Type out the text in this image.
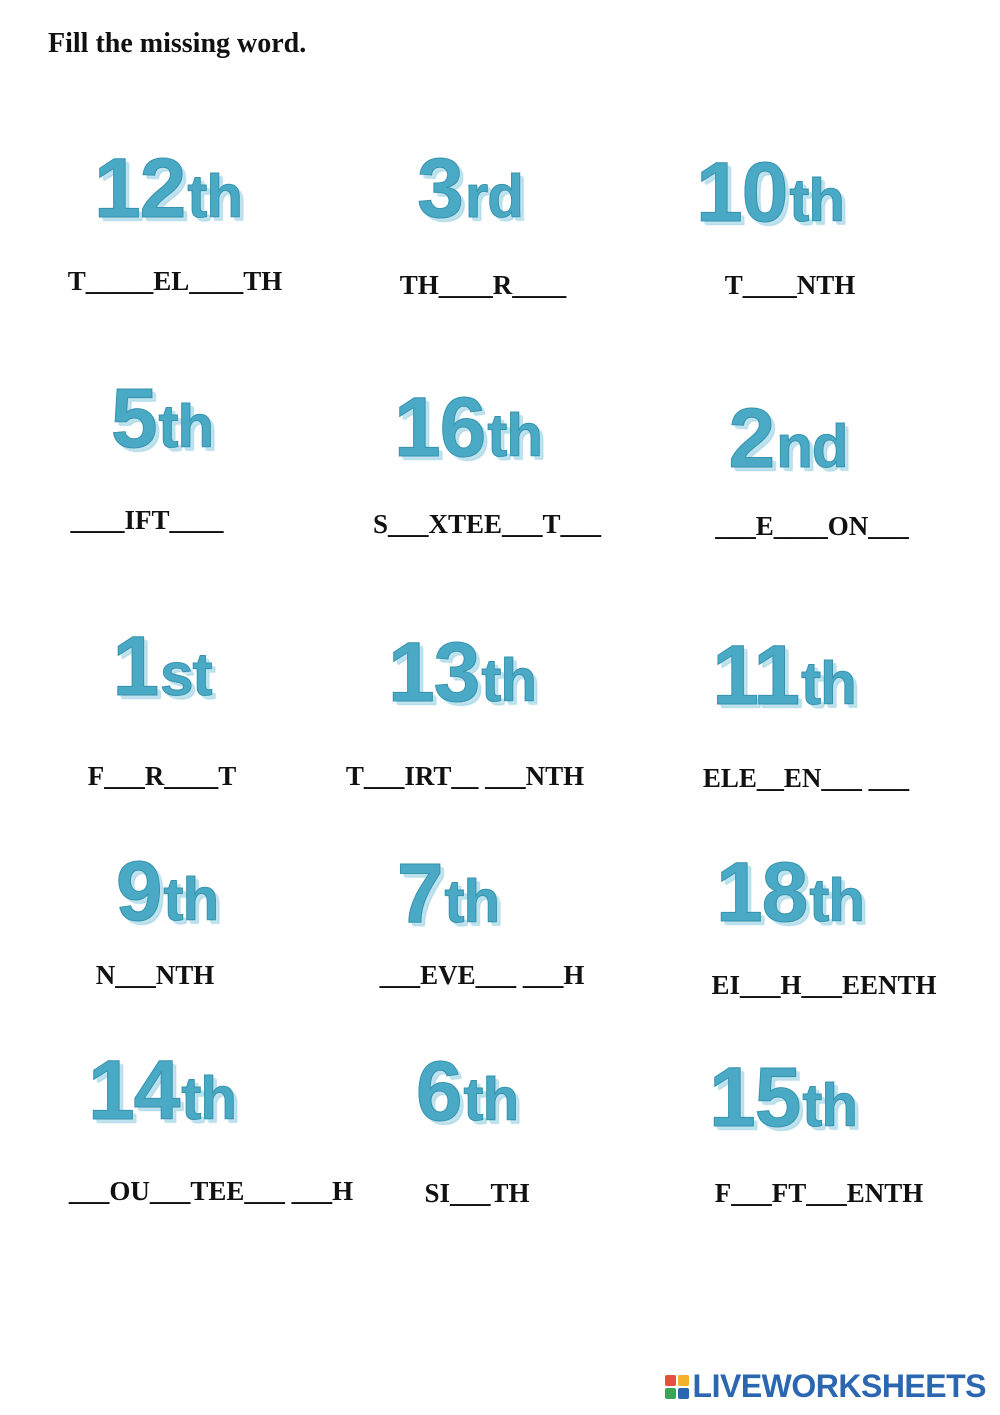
Fill the missing word.

12th
T_____EL____TH
3rd
TH____R____
10th
T____NTH
5th
____IFT____
16th
S___XTEE___T___
2nd
___E____ON___
1st
F___R____T
13th
T___IRT__ ___NTH
11th
ELE__EN___ ___
9th
N___NTH
7th
___EVE___ ___H
18th
EI___H___EENTH
14th
___OU___TEE___ ___H
6th
SI___TH
15th
F___FT___ENTH
LIVEWORKSHEETS
